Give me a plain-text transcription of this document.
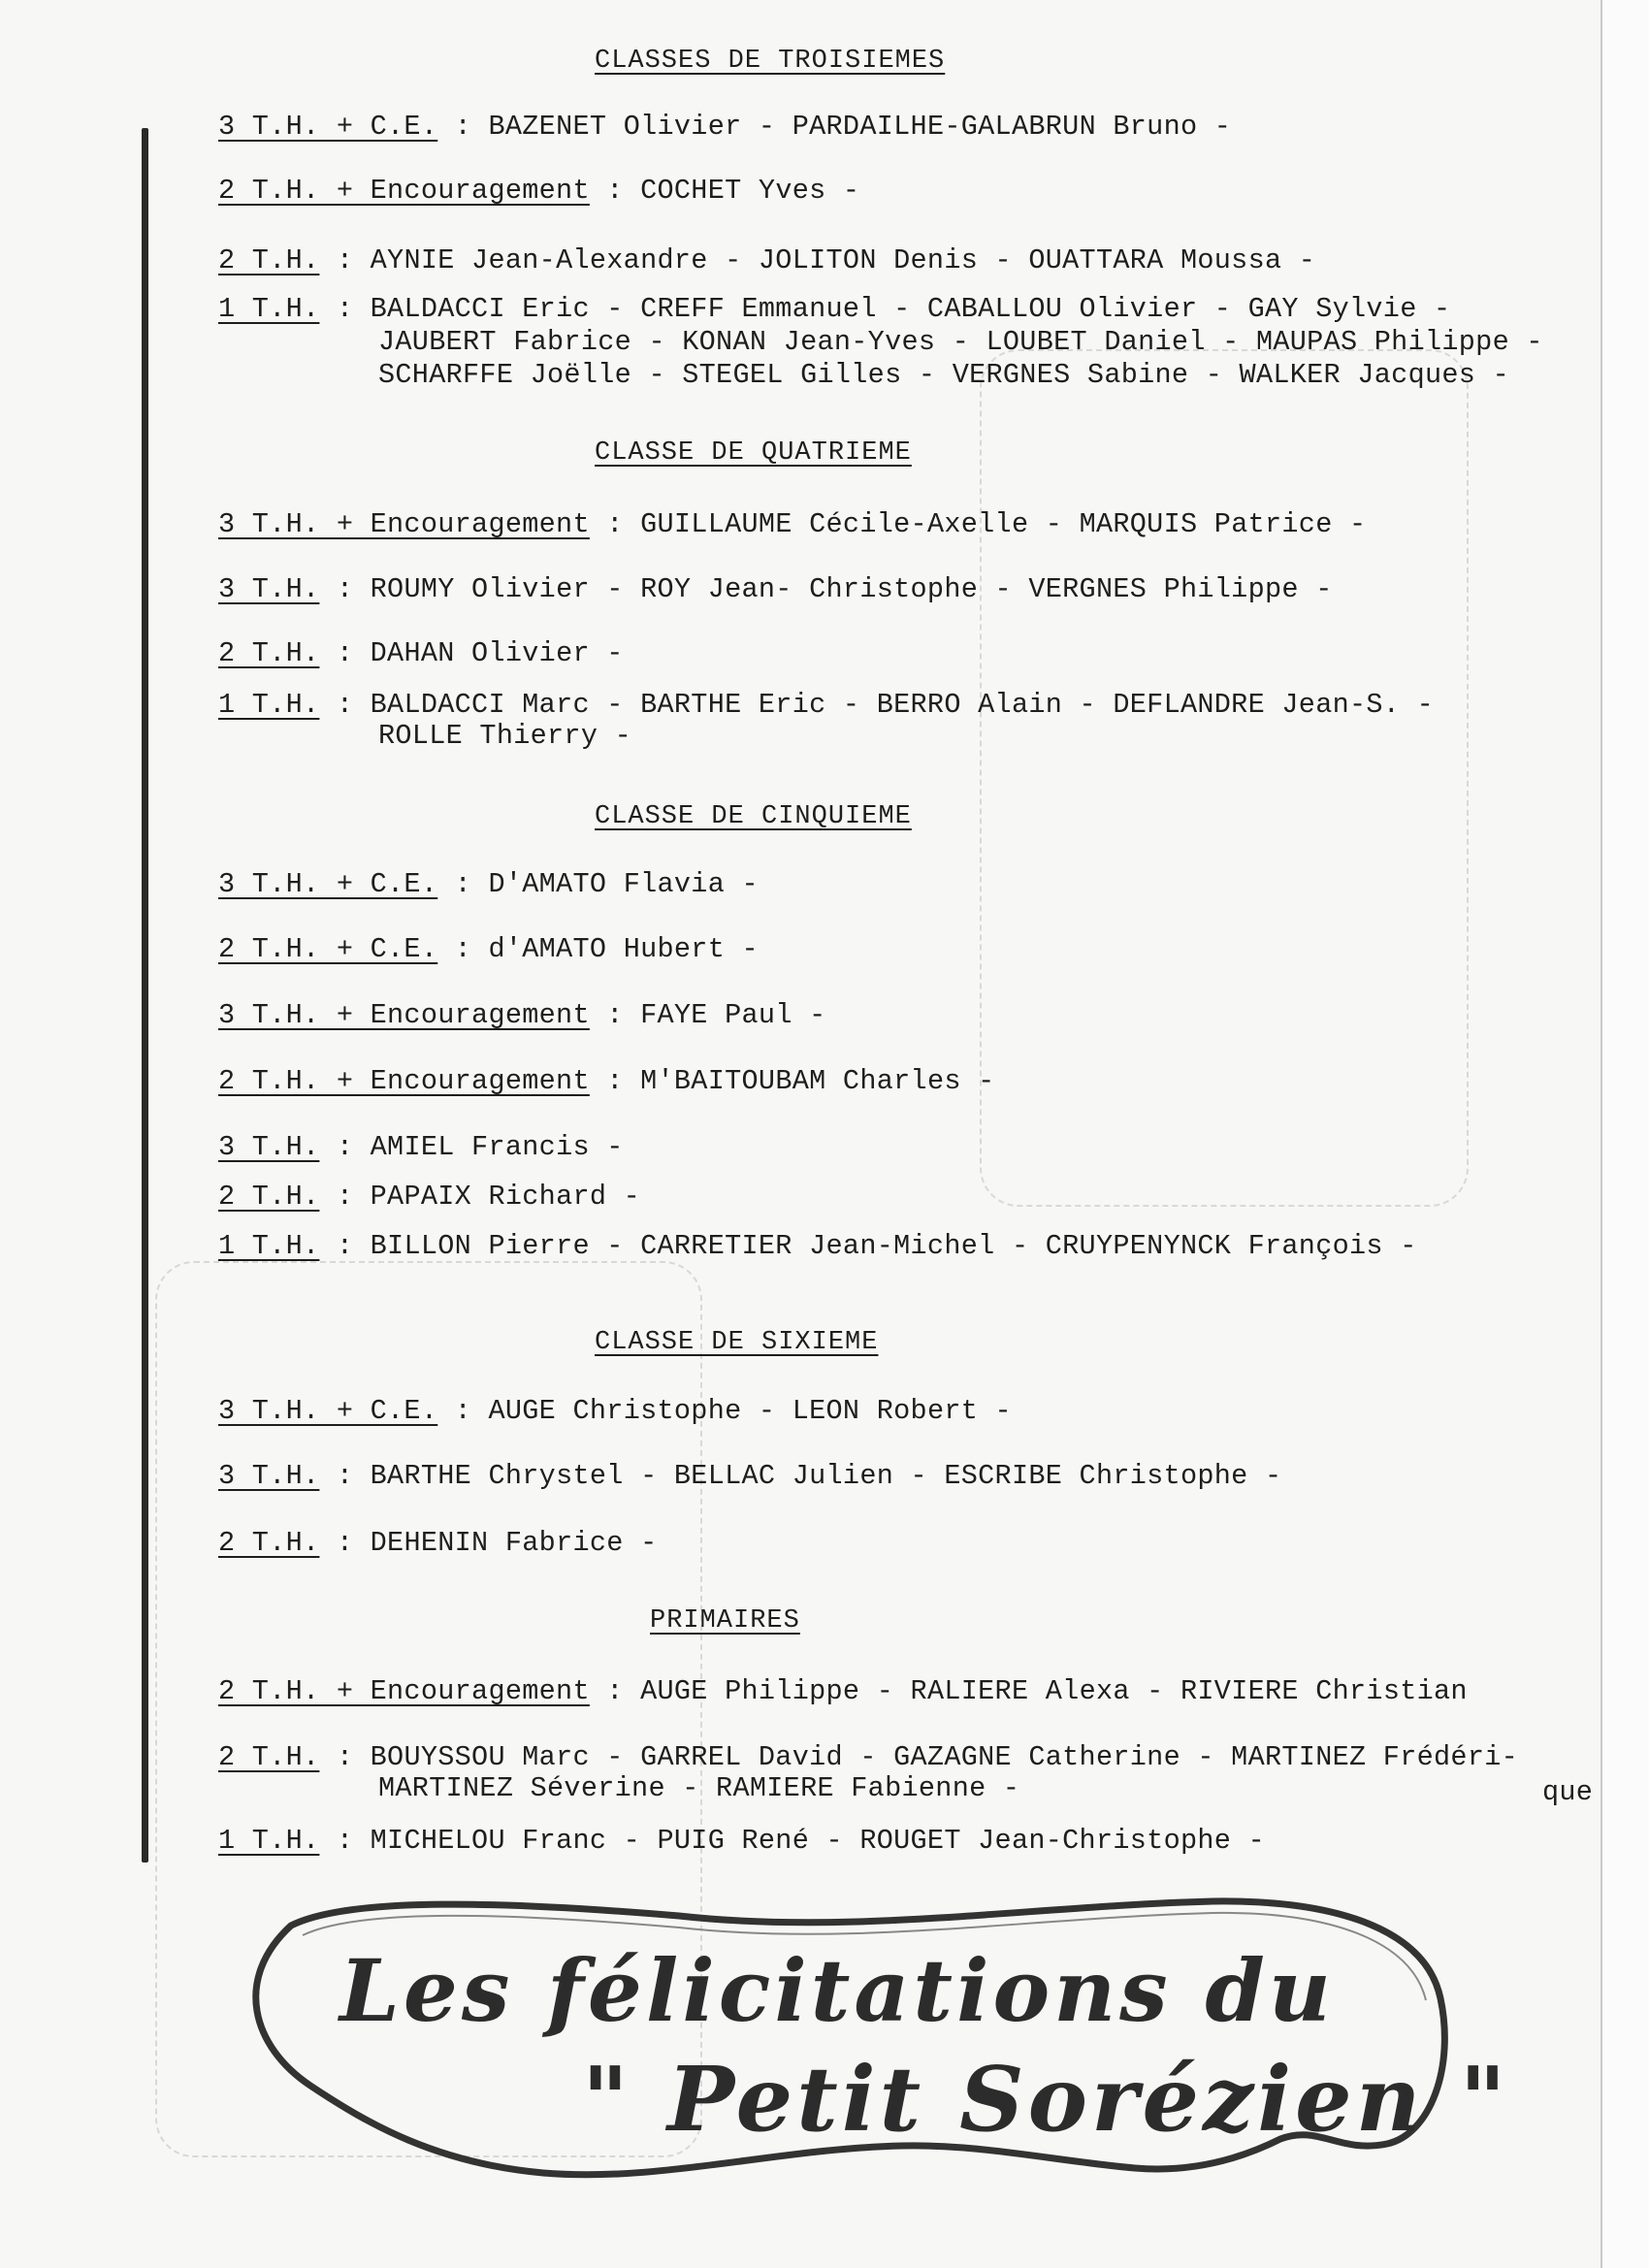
CLASSES DE TROISIEMES
3 T.H. + C.E. : BAZENET Olivier - PARDAILHE-GALABRUN Bruno -
2 T.H. + Encouragement : COCHET Yves -
2 T.H. : AYNIE Jean-Alexandre - JOLITON Denis - OUATTARA Moussa -
1 T.H. : BALDACCI Eric - CREFF Emmanuel - CABALLOU Olivier - GAY Sylvie -
JAUBERT Fabrice - KONAN Jean-Yves - LOUBET Daniel - MAUPAS Philippe -
SCHARFFE Joëlle - STEGEL Gilles - VERGNES Sabine - WALKER Jacques -
CLASSE DE QUATRIEME
3 T.H. + Encouragement : GUILLAUME Cécile-Axelle - MARQUIS Patrice -
3 T.H. : ROUMY Olivier - ROY Jean- Christophe - VERGNES Philippe -
2 T.H. : DAHAN Olivier -
1 T.H. : BALDACCI Marc - BARTHE Eric - BERRO Alain - DEFLANDRE Jean-S. -
ROLLE Thierry -
CLASSE DE CINQUIEME
3 T.H. + C.E. : D'AMATO Flavia -
2 T.H. + C.E. : d'AMATO Hubert -
3 T.H. + Encouragement : FAYE Paul -
2 T.H. + Encouragement : M'BAITOUBAM Charles -
3 T.H. : AMIEL Francis -
2 T.H. : PAPAIX Richard -
1 T.H. : BILLON Pierre - CARRETIER Jean-Michel - CRUYPENYNCK François -
CLASSE DE SIXIEME
3 T.H. + C.E. : AUGE Christophe - LEON Robert -
3 T.H. : BARTHE Chrystel - BELLAC Julien - ESCRIBE Christophe -
2 T.H. : DEHENIN Fabrice -
PRIMAIRES
2 T.H. + Encouragement : AUGE Philippe - RALIERE Alexa - RIVIERE Christian
2 T.H. : BOUYSSOU Marc - GARREL David - GAZAGNE Catherine - MARTINEZ Frédéri-
MARTINEZ Séverine - RAMIERE Fabienne -	que
1 T.H. : MICHELOU Franc - PUIG René - ROUGET Jean-Christophe -
Les félicitations du
" Petit Sorézien "
